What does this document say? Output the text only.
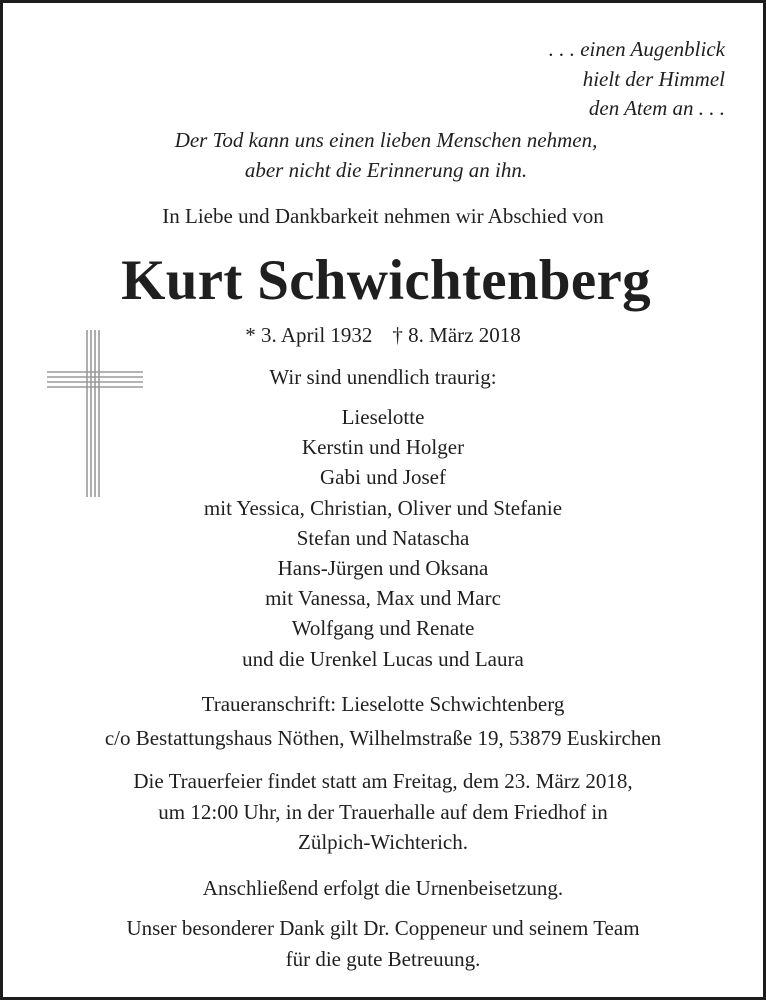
. . . einen Augenblick
hielt der Himmel
den Atem an . . .
Der Tod kann uns einen lieben Menschen nehmen,
aber nicht die Erinnerung an ihn.
In Liebe und Dankbarkeit nehmen wir Abschied von
Kurt Schwichtenberg
* 3. April 1932 † 8. März 2018
Wir sind unendlich traurig:
Lieselotte
Kerstin und Holger
Gabi und Josef
mit Yessica, Christian, Oliver und Stefanie
Stefan und Natascha
Hans-Jürgen und Oksana
mit Vanessa, Max und Marc
Wolfgang und Renate
und die Urenkel Lucas und Laura
Traueranschrift: Lieselotte Schwichtenberg
c/o Bestattungshaus Nöthen, Wilhelmstraße 19, 53879 Euskirchen
Die Trauerfeier findet statt am Freitag, dem 23. März 2018,
um 12:00 Uhr, in der Trauerhalle auf dem Friedhof in
Zülpich-Wichterich.
Anschließend erfolgt die Urnenbeisetzung.
Unser besonderer Dank gilt Dr. Coppeneur und seinem Team
für die gute Betreuung.
